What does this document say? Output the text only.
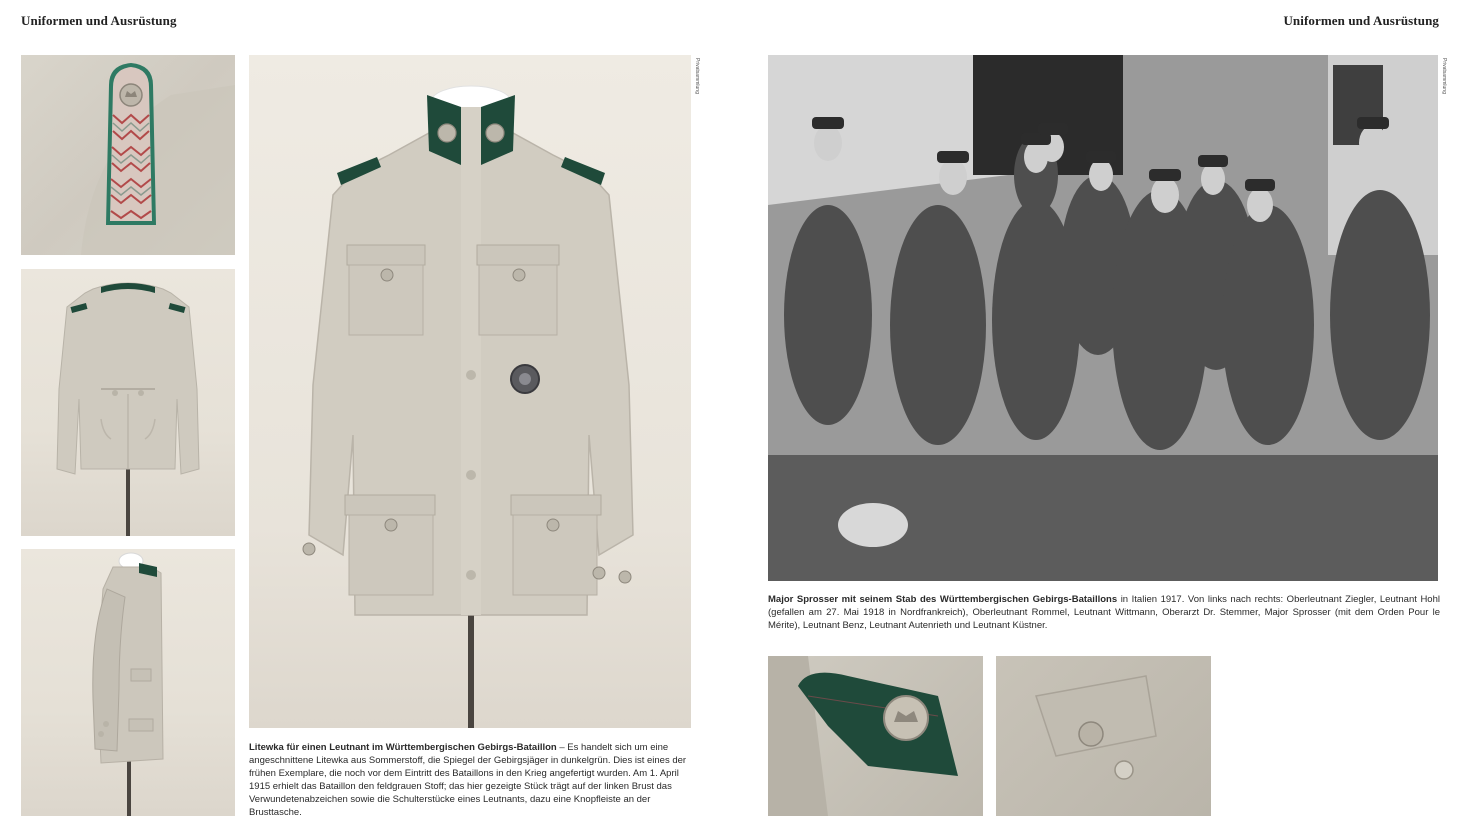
Uniformen und Ausrüstung	Uniformen und Ausrüstung
Privatsammlung
Litewka für einen Leutnant im Württembergischen Gebirgs-Bataillon – Es handelt sich um eine angeschnittene Litewka aus Sommerstoff, die Spiegel der Gebirgsjäger in dunkelgrün. Dies ist eines der frühen Exemplare, die noch vor dem Eintritt des Bataillons in den Krieg angefertigt wurden. Am 1. April 1915 erhielt das Bataillon den feldgrauen Stoff; das hier gezeigte Stück trägt auf der linken Brust das Verwundetenabzeichen sowie die Schulterstücke eines Leutnants, dazu eine Knopfleiste an der Brusttasche.
Privatsammlung
Major Sprosser mit seinem Stab des Württembergischen Gebirgs-Bataillons in Italien 1917. Von links nach rechts: Oberleutnant Ziegler, Leutnant Hohl (gefallen am 27. Mai 1918 in Nordfrankreich), Oberleutnant Rommel, Leutnant Wittmann, Oberarzt Dr. Stemmer, Major Sprosser (mit dem Orden Pour le Mérite), Leutnant Benz, Leutnant Autenrieth und Leutnant Küstner.
